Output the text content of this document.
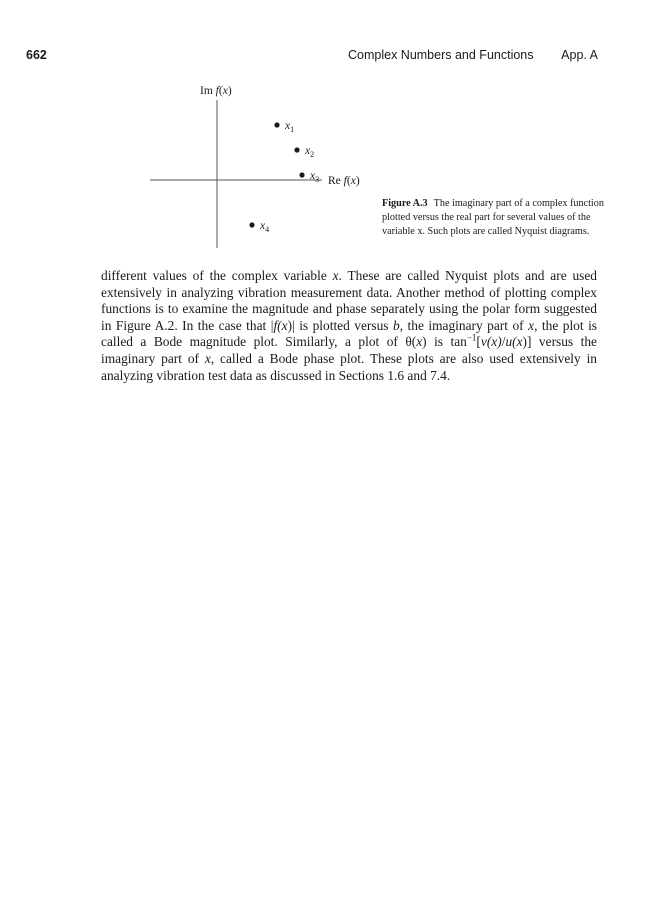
662	Complex Numbers and Functions App. A
Im f(x)
Re f(x)
$x_1$
$x_2$
$x_3$
$x_4$
Figure A.3 The imaginary part of a complex function plotted versus the real part for several values of the variable x. Such plots are called Nyquist diagrams.
different values of the complex variable x. These are called Nyquist plots and are used extensively in analyzing vibration measurement data. Another method of plotting complex functions is to examine the magnitude and phase separately using the polar form suggested in Figure A.2. In the case that |f(x)| is plotted versus b, the imaginary part of x, the plot is called a Bode magnitude plot. Similarly, a plot of θ(x) is $\tan^{-1}[v(x)/u(x)]$ versus the imaginary part of x, called a Bode phase plot. These plots are also used extensively in analyzing vibration test data as discussed in Sections 1.6 and 7.4.
